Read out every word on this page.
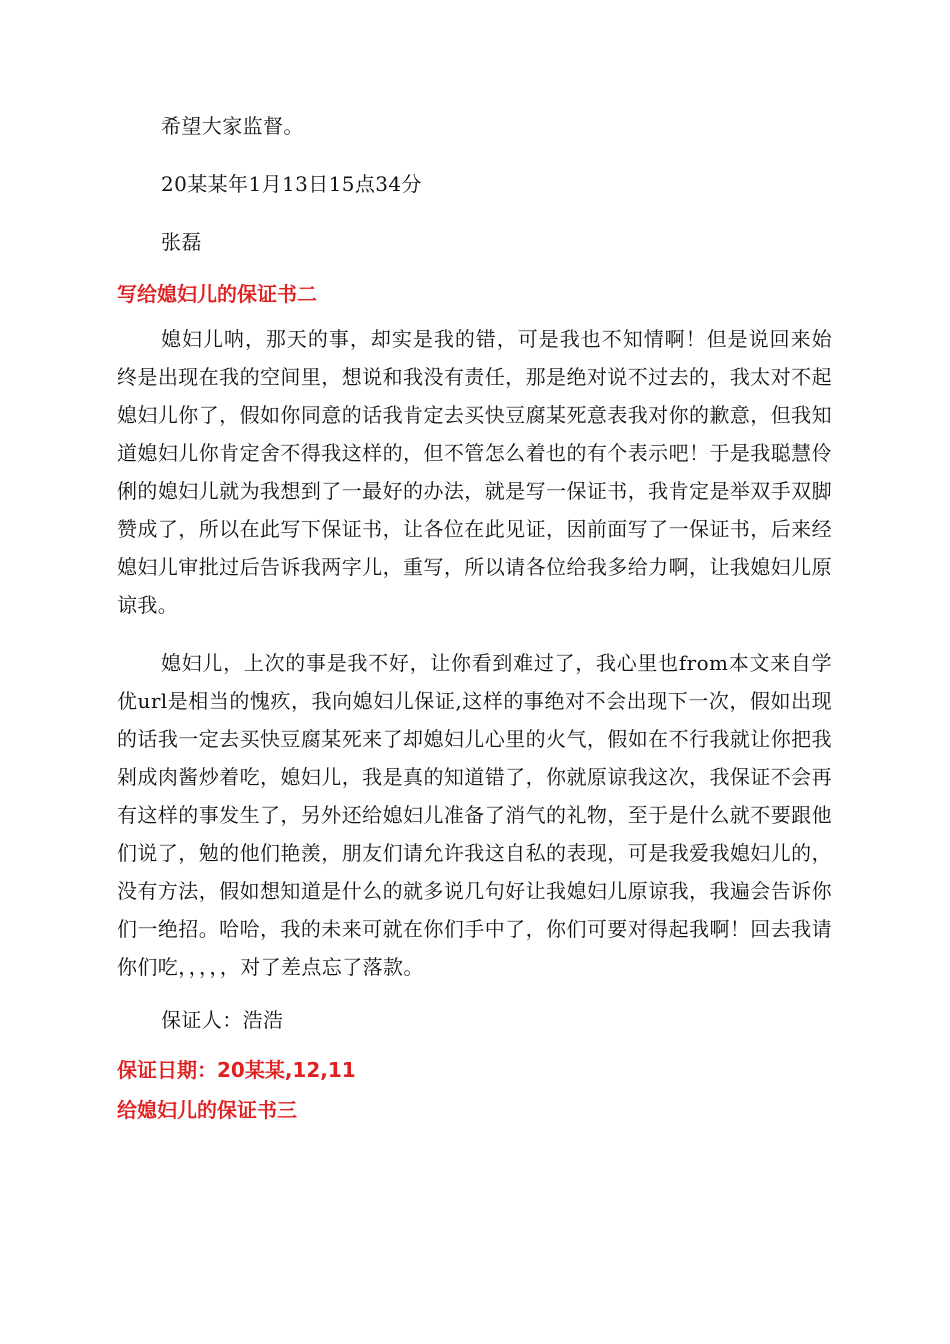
希望大家监督。
20某某年1月13日15点34分
张磊
写给媳妇儿的保证书二

媳妇儿呐，那天的事，却实是我的错，可是我也不知情啊！但是说回来始终是出现在我的空间里，想说和我没有责任，那是绝对说不过去的，我太对不起媳妇儿你了，假如你同意的话我肯定去买快豆腐某死意表我对你的歉意，但我知道媳妇儿你肯定舍不得我这样的，但不管怎么着也的有个表示吧！于是我聪慧伶俐的媳妇儿就为我想到了一最好的办法，就是写一保证书，我肯定是举双手双脚赞成了，所以在此写下保证书，让各位在此见证，因前面写了一保证书，后来经媳妇儿审批过后告诉我两字儿，重写，所以请各位给我多给力啊，让我媳妇儿原谅我。

媳妇儿，上次的事是我不好，让你看到难过了，我心里也from本文来自学优url是相当的愧疚，我向媳妇儿保证,这样的事绝对不会出现下一次，假如出现的话我一定去买快豆腐某死来了却媳妇儿心里的火气，假如在不行我就让你把我剁成肉酱炒着吃，媳妇儿，我是真的知道错了，你就原谅我这次，我保证不会再有这样的事发生了，另外还给媳妇儿准备了消气的礼物，至于是什么就不要跟他们说了，勉的他们艳羡，朋友们请允许我这自私的表现，可是我爱我媳妇儿的，没有方法，假如想知道是什么的就多说几句好让我媳妇儿原谅我，我遍会告诉你们一绝招。哈哈，我的未来可就在你们手中了，你们可要对得起我啊！回去我请你们吃，，，，，对了差点忘了落款。

保证人：浩浩
保证日期：20某某,12,11
给媳妇儿的保证书三
